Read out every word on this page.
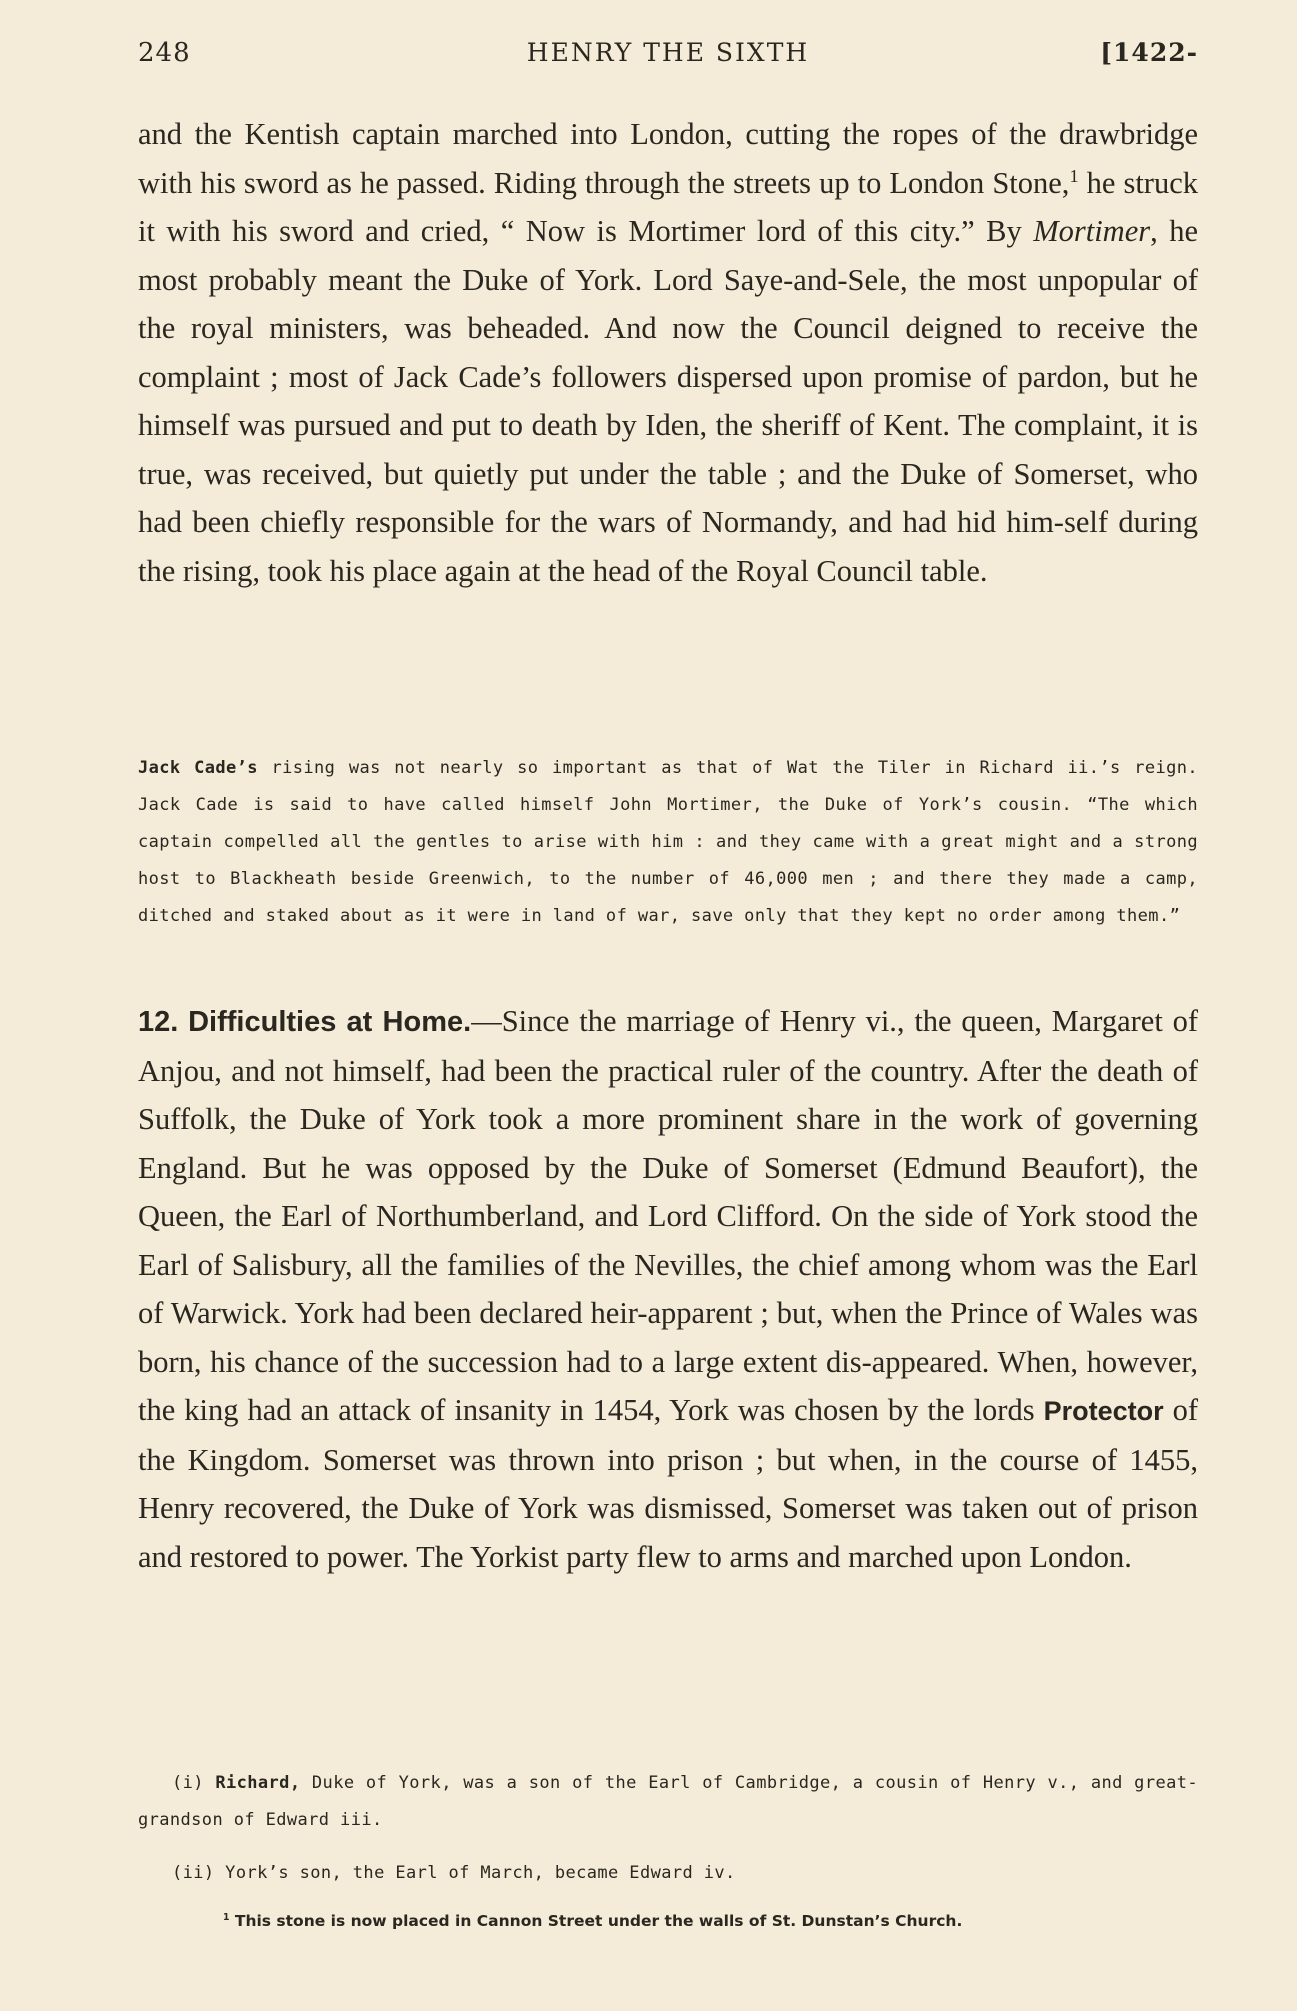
248	HENRY THE SIXTH	[1422-
and the Kentish captain marched into London, cutting the ropes of the drawbridge with his sword as he passed. Riding through the streets up to London Stone,$^1$ he struck it with his sword and cried, “ Now is Mortimer lord of this city.” By Mortimer, he most probably meant the Duke of York. Lord Saye-and-Sele, the most unpopular of the royal ministers, was beheaded. And now the Council deigned to receive the complaint ; most of Jack Cade’s followers dispersed upon promise of pardon, but he himself was pursued and put to death by Iden, the sheriff of Kent. The complaint, it is true, was received, but quietly put under the table ; and the Duke of Somerset, who had been chiefly responsible for the wars of Normandy, and had hid him-self during the rising, took his place again at the head of the Royal Council table.
Jack Cade’s rising was not nearly so important as that of Wat the Tiler in Richard ii.’s reign. Jack Cade is said to have called himself John Mortimer, the Duke of York’s cousin. “The which captain compelled all the gentles to arise with him : and they came with a great might and a strong host to Blackheath beside Greenwich, to the number of 46,000 men ; and there they made a camp, ditched and staked about as it were in land of war, save only that they kept no order among them.”
12. Difficulties at Home.—Since the marriage of Henry vi., the queen, Margaret of Anjou, and not himself, had been the practical ruler of the country. After the death of Suffolk, the Duke of York took a more prominent share in the work of governing England. But he was opposed by the Duke of Somerset (Edmund Beaufort), the Queen, the Earl of Northumberland, and Lord Clifford. On the side of York stood the Earl of Salisbury, all the families of the Nevilles, the chief among whom was the Earl of Warwick. York had been declared heir-apparent ; but, when the Prince of Wales was born, his chance of the succession had to a large extent dis-appeared. When, however, the king had an attack of insanity in 1454, York was chosen by the lords Protector of the Kingdom. Somerset was thrown into prison ; but when, in the course of 1455, Henry recovered, the Duke of York was dismissed, Somerset was taken out of prison and restored to power. The Yorkist party flew to arms and marched upon London.
(i) Richard, Duke of York, was a son of the Earl of Cambridge, a cousin of Henry v., and great-grandson of Edward iii.
(ii) York’s son, the Earl of March, became Edward iv.
$^1$ This stone is now placed in Cannon Street under the walls of St. Dunstan’s Church.
